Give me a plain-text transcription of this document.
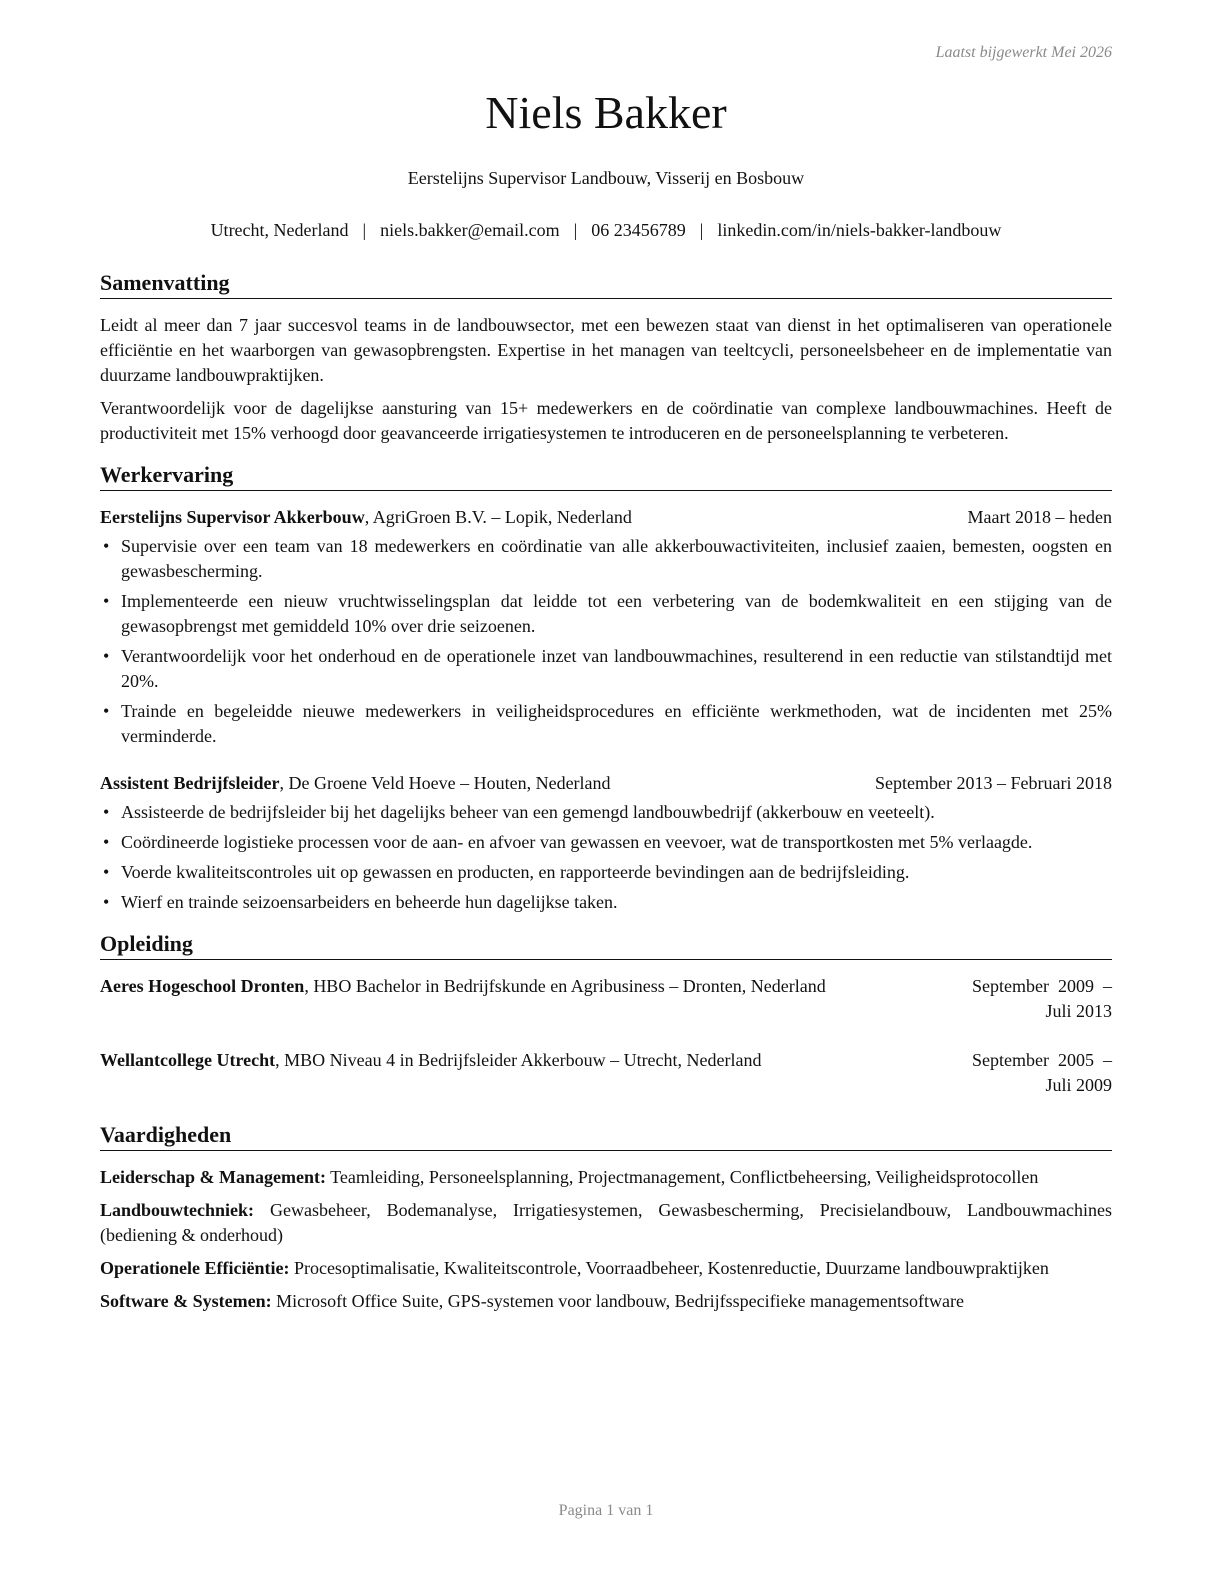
Laatst bijgewerkt Mei 2026
Niels Bakker
Eerstelijns Supervisor Landbouw, Visserij en Bosbouw
Utrecht, Nederland | niels.bakker@email.com | 06 23456789 | linkedin.com/in/niels-bakker-landbouw
Samenvatting

Leidt al meer dan 7 jaar succesvol teams in de landbouwsector, met een bewezen staat van dienst in het optimaliseren van operationele efficiëntie en het waarborgen van gewasopbrengsten. Expertise in het managen van teeltcycli, personeelsbeheer en de implementatie van duurzame landbouwpraktijken.

Verantwoordelijk voor de dagelijkse aansturing van 15+ medewerkers en de coördinatie van complexe landbouwmachines. Heeft de productiviteit met 15% verhoogd door geavanceerde irrigatiesystemen te introduceren en de personeelsplanning te verbeteren.

Werkervaring
Eerstelijns Supervisor Akkerbouw, AgriGroen B.V. – Lopik, Nederland	Maart 2018 – heden
• Supervisie over een team van 18 medewerkers en coördinatie van alle akkerbouwactiviteiten, inclusief zaaien, bemesten, oogsten en gewasbescherming.
• Implementeerde een nieuw vruchtwisselingsplan dat leidde tot een verbetering van de bodemkwaliteit en een stijging van de gewasopbrengst met gemiddeld 10% over drie seizoenen.
• Verantwoordelijk voor het onderhoud en de operationele inzet van landbouwmachines, resulterend in een reductie van stilstandtijd met 20%.
• Trainde en begeleidde nieuwe medewerkers in veiligheidsprocedures en efficiënte werkmethoden, wat de incidenten met 25% verminderde.
Assistent Bedrijfsleider, De Groene Veld Hoeve – Houten, Nederland	September 2013 – Februari 2018
• Assisteerde de bedrijfsleider bij het dagelijks beheer van een gemengd landbouwbedrijf (akkerbouw en veeteelt).
• Coördineerde logistieke processen voor de aan- en afvoer van gewassen en veevoer, wat de transportkosten met 5% verlaagde.
• Voerde kwaliteitscontroles uit op gewassen en producten, en rapporteerde bevindingen aan de bedrijfsleiding.
• Wierf en trainde seizoensarbeiders en beheerde hun dagelijkse taken.
Opleiding
Aeres Hogeschool Dronten, HBO Bachelor in Bedrijfskunde en Agribusiness – Dronten, Nederland	September 2009 – Juli 2013
Wellantcollege Utrecht, MBO Niveau 4 in Bedrijfsleider Akkerbouw – Utrecht, Nederland	September 2005 – Juli 2009
Vaardigheden

Leiderschap & Management: Teamleiding, Personeelsplanning, Projectmanagement, Conflictbeheersing, Veiligheidsprotocollen

Landbouwtechniek: Gewasbeheer, Bodemanalyse, Irrigatiesystemen, Gewasbescherming, Precisielandbouw, Landbouwmachines (bediening & onderhoud)

Operationele Efficiëntie: Procesoptimalisatie, Kwaliteitscontrole, Voorraadbeheer, Kostenreductie, Duurzame landbouwpraktijken

Software & Systemen: Microsoft Office Suite, GPS-systemen voor landbouw, Bedrijfsspecifieke managementsoftware

Pagina 1 van 1
